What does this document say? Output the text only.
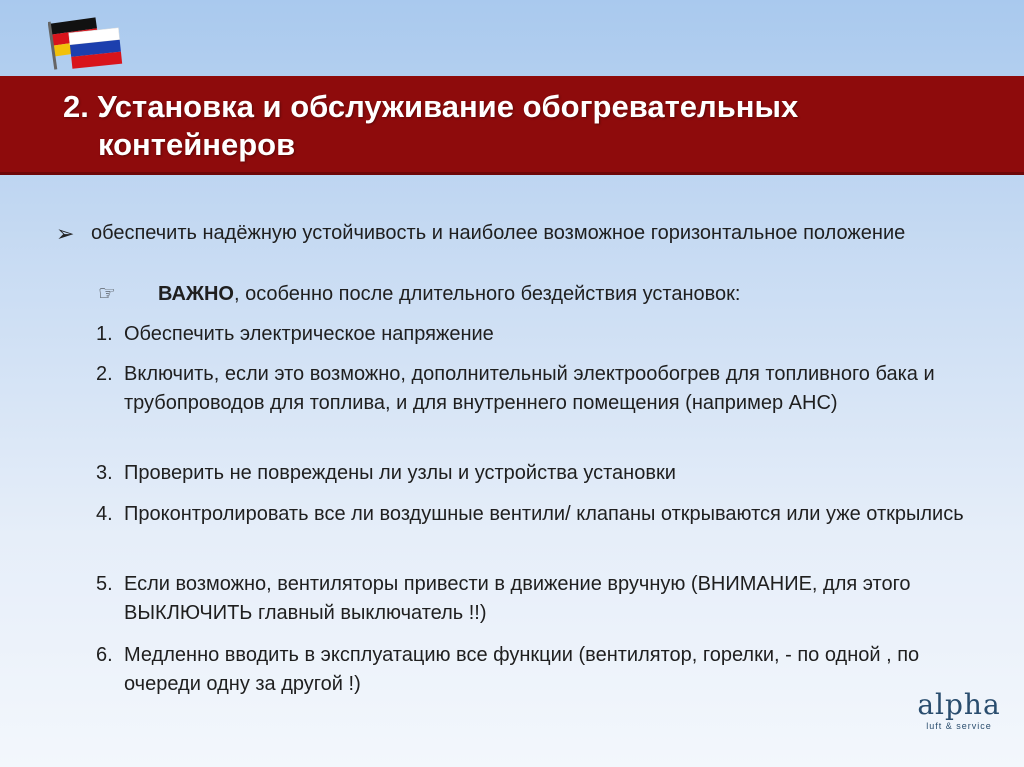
2. Установка и обслуживание обогревательных
контейнеров
➢ обеспечить надёжную устойчивость и наиболее возможное горизонтальное положение
☞ ВАЖНО, особенно после длительного бездействия установок:
1. Обеспечить электрическое напряжение
2. Включить, если это возможно, дополнительный электрообогрев для топливного бака и трубопроводов для топлива, и для внутреннего помещения (например АНС)
3. Проверить не повреждены ли узлы и устройства установки
4. Проконтролировать все ли воздушные вентили/ клапаны открываются или уже открылись
5. Если возможно, вентиляторы привести в движение вручную (ВНИМАНИЕ, для этого ВЫКЛЮЧИТЬ главный выключатель !!)
6. Медленно вводить в эксплуатацию все функции (вентилятор, горелки, - по одной , по очереди одну за другой !)
alpha
luft & service
